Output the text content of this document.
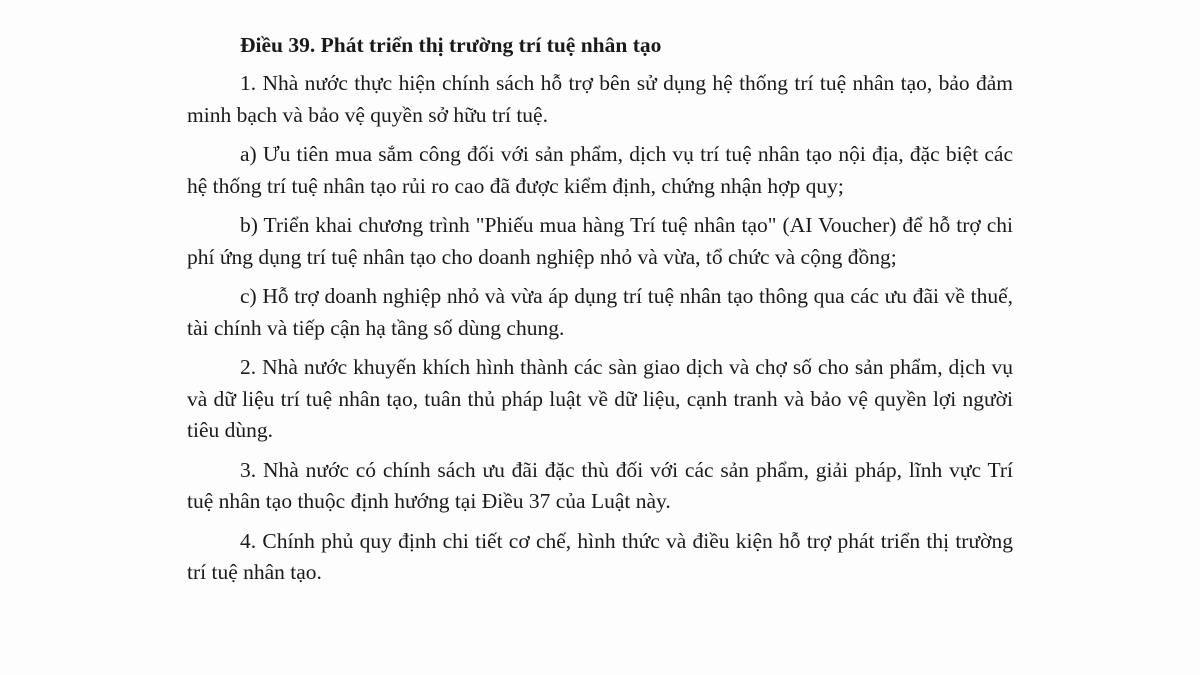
Điều 39. Phát triển thị trường trí tuệ nhân tạo

1. Nhà nước thực hiện chính sách hỗ trợ bên sử dụng hệ thống trí tuệ nhân tạo, bảo đảm minh bạch và bảo vệ quyền sở hữu trí tuệ.

a) Ưu tiên mua sắm công đối với sản phẩm, dịch vụ trí tuệ nhân tạo nội địa, đặc biệt các hệ thống trí tuệ nhân tạo rủi ro cao đã được kiểm định, chứng nhận hợp quy;

b) Triển khai chương trình "Phiếu mua hàng Trí tuệ nhân tạo" (AI Voucher) để hỗ trợ chi phí ứng dụng trí tuệ nhân tạo cho doanh nghiệp nhỏ và vừa, tổ chức và cộng đồng;

c) Hỗ trợ doanh nghiệp nhỏ và vừa áp dụng trí tuệ nhân tạo thông qua các ưu đãi về thuế, tài chính và tiếp cận hạ tầng số dùng chung.

2. Nhà nước khuyến khích hình thành các sàn giao dịch và chợ số cho sản phẩm, dịch vụ và dữ liệu trí tuệ nhân tạo, tuân thủ pháp luật về dữ liệu, cạnh tranh và bảo vệ quyền lợi người tiêu dùng.

3. Nhà nước có chính sách ưu đãi đặc thù đối với các sản phẩm, giải pháp, lĩnh vực Trí tuệ nhân tạo thuộc định hướng tại Điều 37 của Luật này.

4. Chính phủ quy định chi tiết cơ chế, hình thức và điều kiện hỗ trợ phát triển thị trường trí tuệ nhân tạo.
